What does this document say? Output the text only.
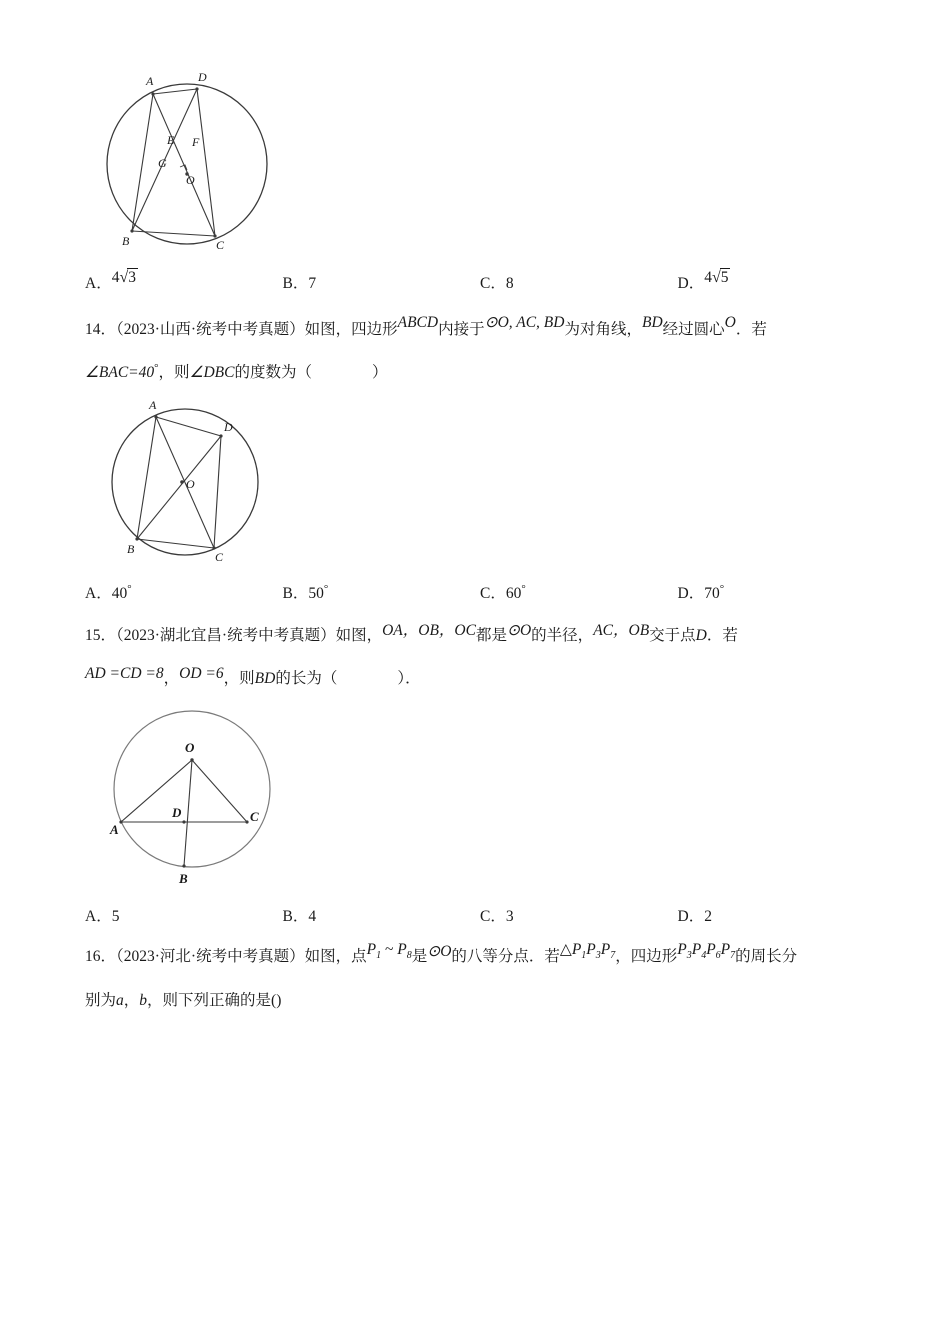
A	D
E F
G
O
B	C
A．4√3	B．7	C．8	D．4√5

14．（2023·山西·统考中考真题）如图，四边形ABCD内接于⊙O, AC, BD为对角线，BD经过圆心O．若

∠BAC=40°，则∠DBC的度数为（	）

A
D
O
B
C
A．40°	B．50°	C．60°	D．70°

15．（2023·湖北宜昌·统考中考真题）如图，OA，OB，OC都是⊙O的半径，AC，OB交于点D．若

AD =CD =8，OD =6，则BD的长为（	）．

O
D	C
A
B
A．5	B．4	C．3	D．2

16．（2023·河北·统考中考真题）如图，点$P_1$ ~ $P_8$是⊙O的八等分点．若$\triangle P_1P_3P_7$，四边形$P_3P_4P_6P_7$的周长分

别为a，b，则下列正确的是()
